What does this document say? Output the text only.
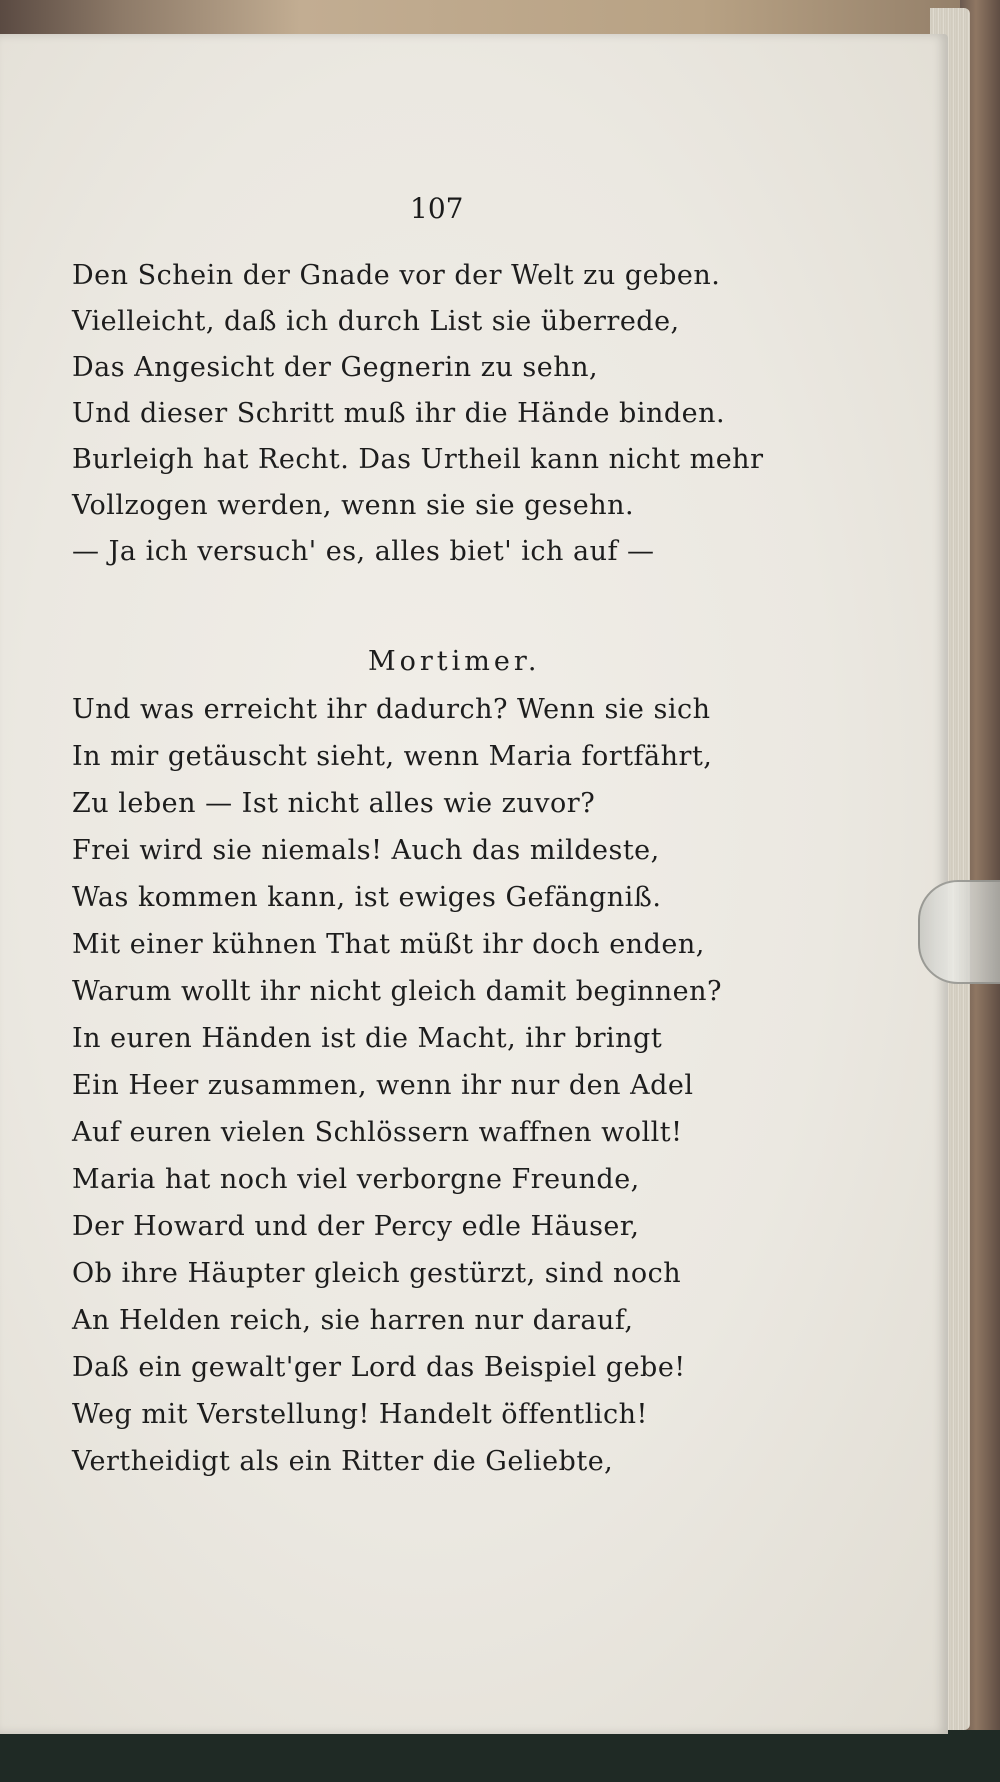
107
Den Schein der Gnade vor der Welt zu geben.
Vielleicht, daß ich durch List sie überrede,
Das Angesicht der Gegnerin zu sehn,
Und dieser Schritt muß ihr die Hände binden.
Burleigh hat Recht. Das Urtheil kann nicht mehr
Vollzogen werden, wenn sie sie gesehn.
— Ja ich versuch' es, alles biet' ich auf —
Mortimer.
Und was erreicht ihr dadurch? Wenn sie sich
In mir getäuscht sieht, wenn Maria fortfährt,
Zu leben — Ist nicht alles wie zuvor?
Frei wird sie niemals! Auch das mildeste,
Was kommen kann, ist ewiges Gefängniß.
Mit einer kühnen That müßt ihr doch enden,
Warum wollt ihr nicht gleich damit beginnen?
In euren Händen ist die Macht, ihr bringt
Ein Heer zusammen, wenn ihr nur den Adel
Auf euren vielen Schlössern waffnen wollt!
Maria hat noch viel verborgne Freunde,
Der Howard und der Percy edle Häuser,
Ob ihre Häupter gleich gestürzt, sind noch
An Helden reich, sie harren nur darauf,
Daß ein gewalt'ger Lord das Beispiel gebe!
Weg mit Verstellung! Handelt öffentlich!
Vertheidigt als ein Ritter die Geliebte,
